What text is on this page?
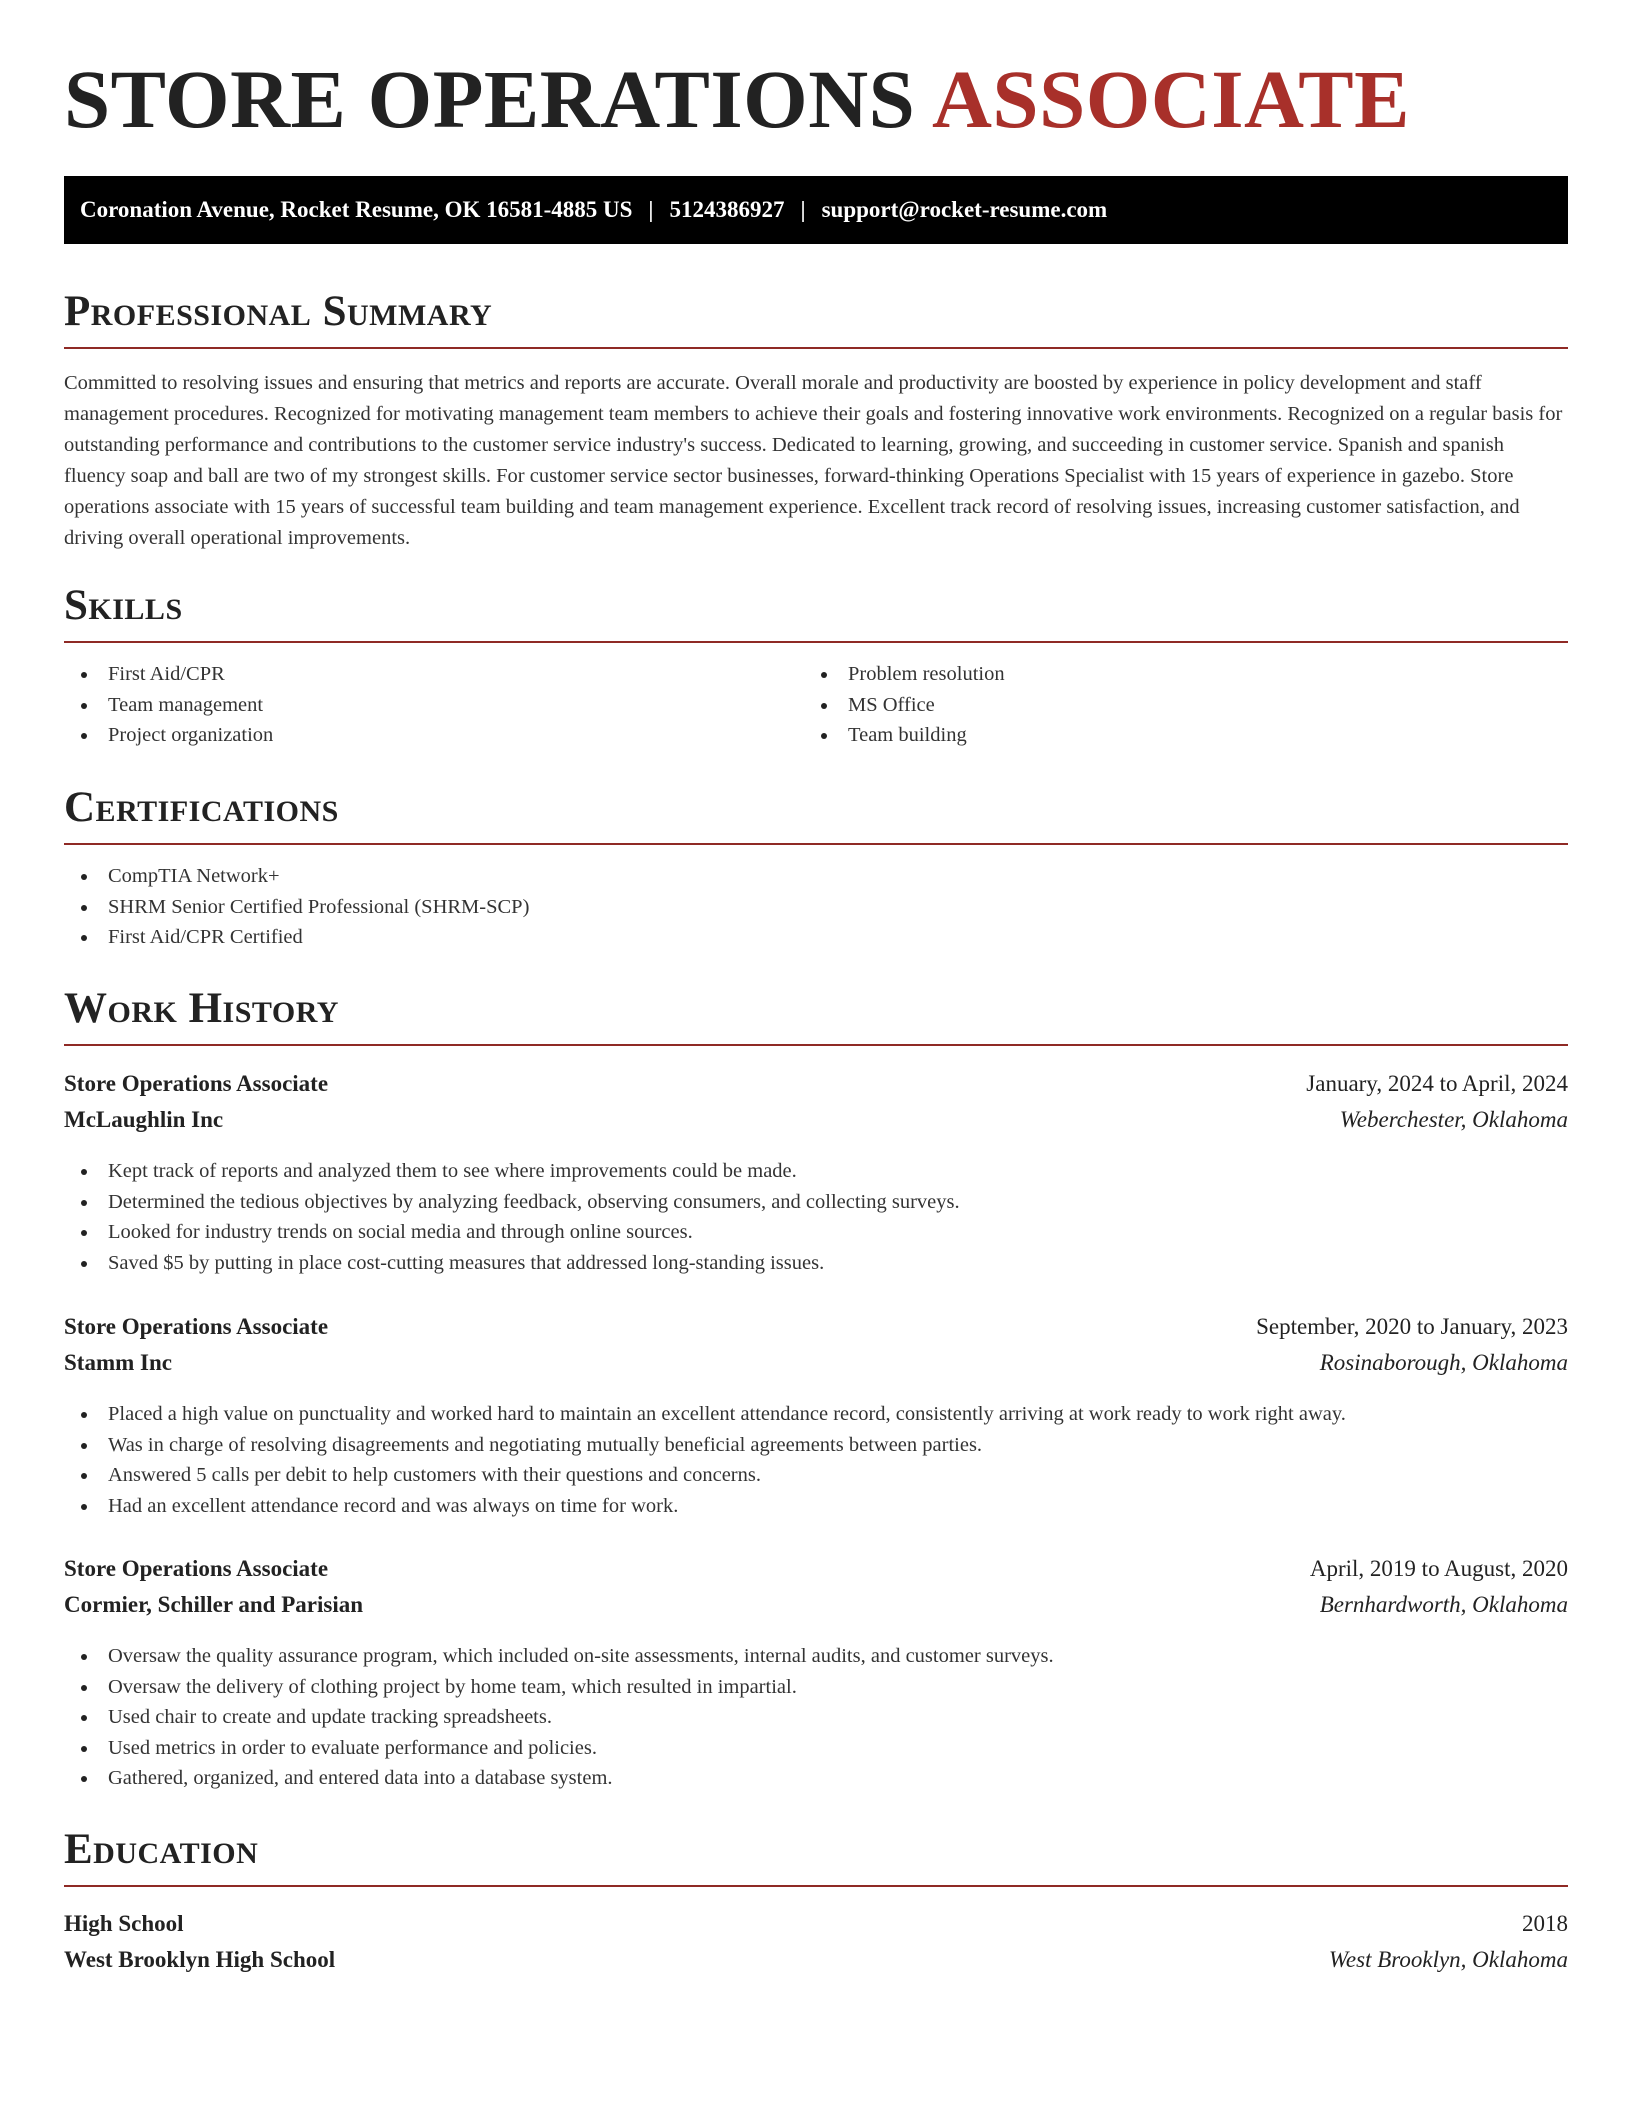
STORE OPERATIONS ASSOCIATE
Coronation Avenue, Rocket Resume, OK 16581-4885 US | 5124386927 | support@rocket-resume.com
Professional Summary

Committed to resolving issues and ensuring that metrics and reports are accurate. Overall morale and productivity are boosted by experience in policy development and staff management procedures. Recognized for motivating management team members to achieve their goals and fostering innovative work environments. Recognized on a regular basis for outstanding performance and contributions to the customer service industry's success. Dedicated to learning, growing, and succeeding in customer service. Spanish and spanish fluency soap and ball are two of my strongest skills. For customer service sector businesses, forward-thinking Operations Specialist with 15 years of experience in gazebo. Store operations associate with 15 years of successful team building and team management experience. Excellent track record of resolving issues, increasing customer satisfaction, and driving overall operational improvements.

Skills
First Aid/CPR
Team management
Project organization
Problem resolution
MS Office
Team building
Certifications
CompTIA Network+
SHRM Senior Certified Professional (SHRM-SCP)
First Aid/CPR Certified
Work History
Store Operations Associate	January, 2024 to April, 2024
McLaughlin Inc	Weberchester, Oklahoma
Kept track of reports and analyzed them to see where improvements could be made.
Determined the tedious objectives by analyzing feedback, observing consumers, and collecting surveys.
Looked for industry trends on social media and through online sources.
Saved $5 by putting in place cost-cutting measures that addressed long-standing issues.
Store Operations Associate	September, 2020 to January, 2023
Stamm Inc	Rosinaborough, Oklahoma
Placed a high value on punctuality and worked hard to maintain an excellent attendance record, consistently arriving at work ready to work right away.
Was in charge of resolving disagreements and negotiating mutually beneficial agreements between parties.
Answered 5 calls per debit to help customers with their questions and concerns.
Had an excellent attendance record and was always on time for work.
Store Operations Associate	April, 2019 to August, 2020
Cormier, Schiller and Parisian	Bernhardworth, Oklahoma
Oversaw the quality assurance program, which included on-site assessments, internal audits, and customer surveys.
Oversaw the delivery of clothing project by home team, which resulted in impartial.
Used chair to create and update tracking spreadsheets.
Used metrics in order to evaluate performance and policies.
Gathered, organized, and entered data into a database system.
Education
High School	2018
West Brooklyn High School	West Brooklyn, Oklahoma
